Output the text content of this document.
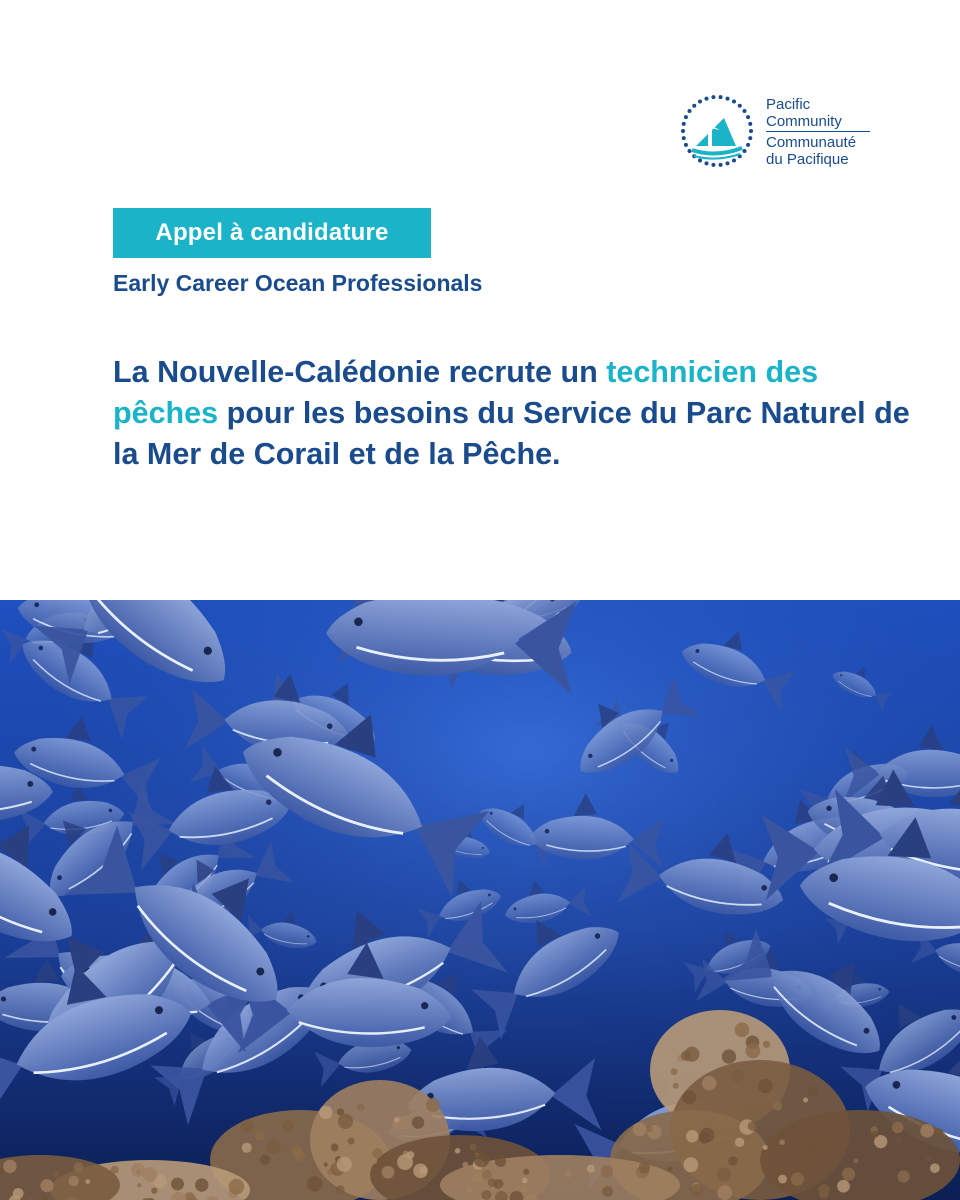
Pacific
Community
Communauté
du Pacifique
Appel à candidature
Early Career Ocean Professionals
La Nouvelle-Calédonie recrute un technicien des pêches pour les besoins du Service du Parc Naturel de la Mer de Corail et de la Pêche.
